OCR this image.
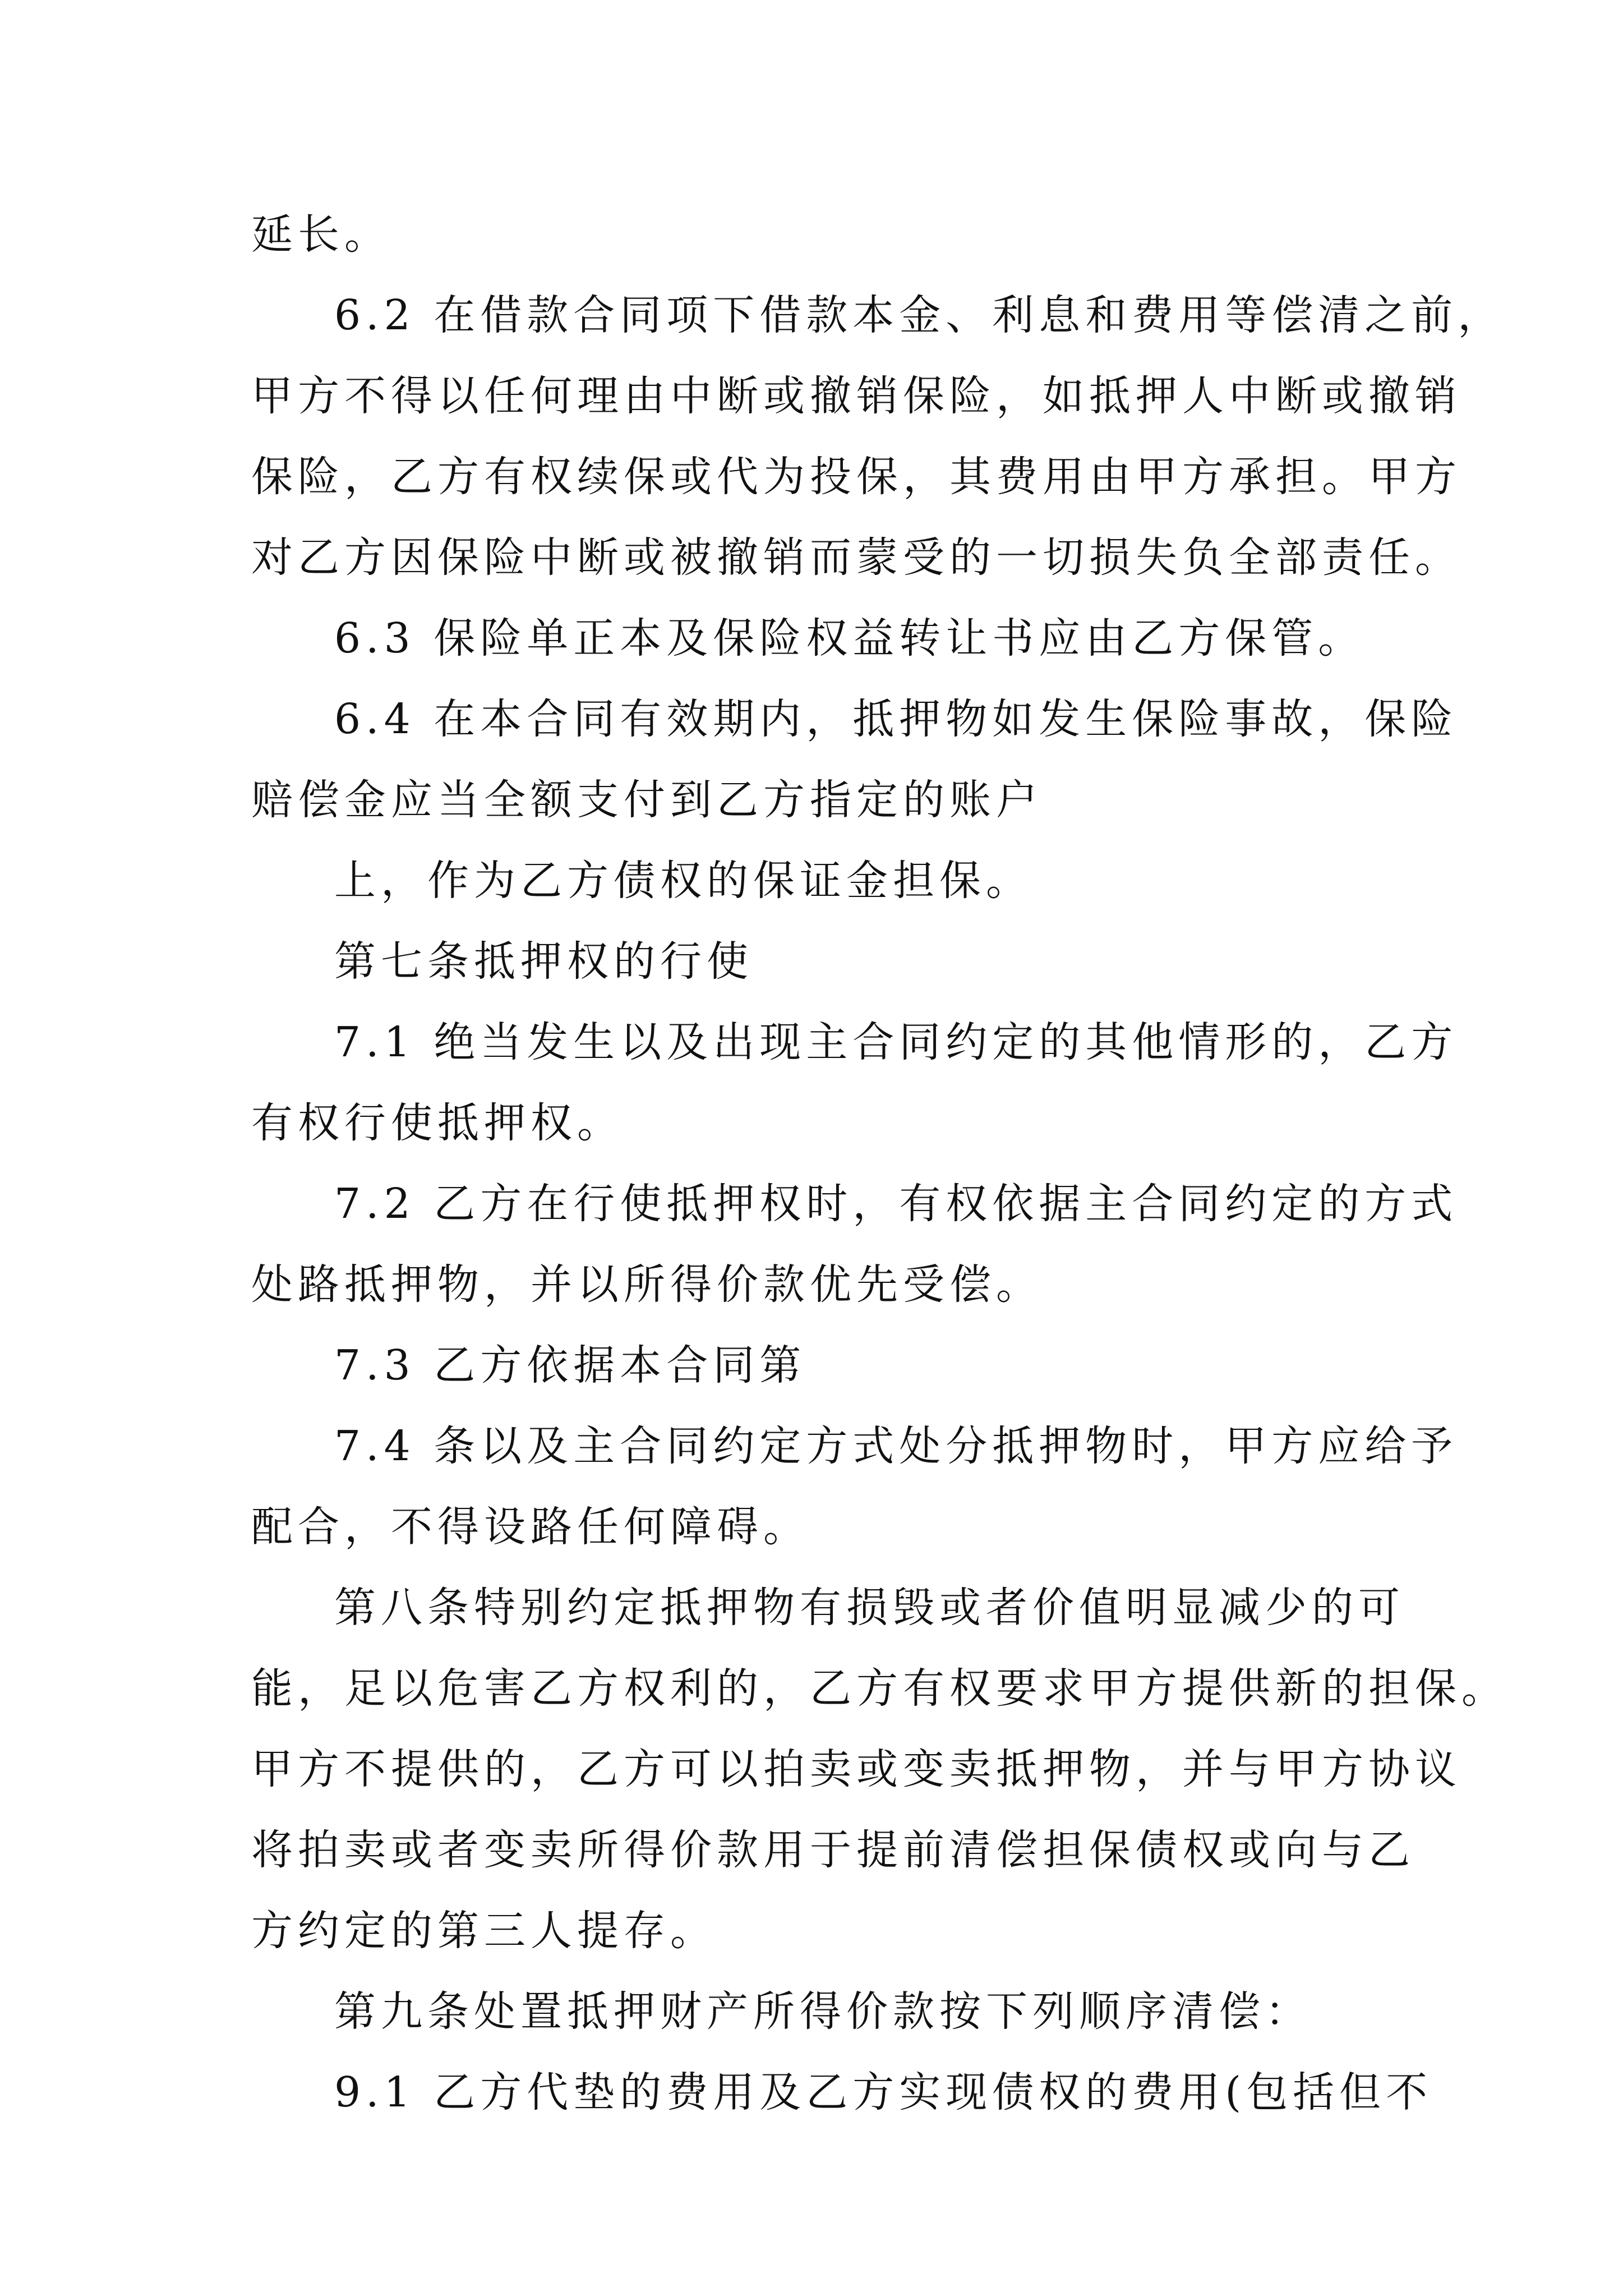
延长。
6.2 在借款合同项下借款本金、利息和费用等偿清之前，
甲方不得以任何理由中断或撤销保险，如抵押人中断或撤销
保险，乙方有权续保或代为投保，其费用由甲方承担。甲方
对乙方因保险中断或被撤销而蒙受的一切损失负全部责任。
6.3 保险单正本及保险权益转让书应由乙方保管。
6.4 在本合同有效期内，抵押物如发生保险事故，保险
赔偿金应当全额支付到乙方指定的账户
上，作为乙方债权的保证金担保。
第七条抵押权的行使
7.1 绝当发生以及出现主合同约定的其他情形的，乙方
有权行使抵押权。
7.2 乙方在行使抵押权时，有权依据主合同约定的方式
处路抵押物，并以所得价款优先受偿。
7.3 乙方依据本合同第
7.4 条以及主合同约定方式处分抵押物时，甲方应给予
配合，不得设路任何障碍。
第八条特别约定抵押物有损毁或者价值明显减少的可
能，足以危害乙方权利的，乙方有权要求甲方提供新的担保。
甲方不提供的，乙方可以拍卖或变卖抵押物，并与甲方协议
将拍卖或者变卖所得价款用于提前清偿担保债权或向与乙
方约定的第三人提存。
第九条处置抵押财产所得价款按下列顺序清偿：
9.1 乙方代垫的费用及乙方实现债权的费用(包括但不
